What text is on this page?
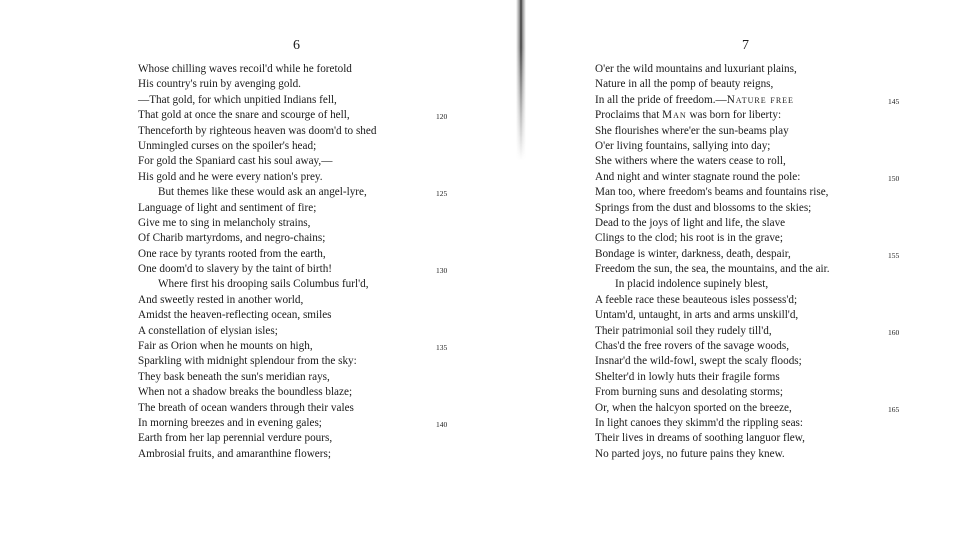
6	7
Whose chilling waves recoil'd while he foretold
His country's ruin by avenging gold.
—That gold, for which unpitied Indians fell,
That gold at once the snare and scourge of hell,	120
Thenceforth by righteous heaven was doom'd to shed
Unmingled curses on the spoiler's head;
For gold the Spaniard cast his soul away,—
His gold and he were every nation's prey.
But themes like these would ask an angel-lyre,	125
Language of light and sentiment of fire;
Give me to sing in melancholy strains,
Of Charib martyrdoms, and negro-chains;
One race by tyrants rooted from the earth,
One doom'd to slavery by the taint of birth!	130
Where first his drooping sails Columbus furl'd,
And sweetly rested in another world,
Amidst the heaven-reflecting ocean, smiles
A constellation of elysian isles;
Fair as Orion when he mounts on high,	135
Sparkling with midnight splendour from the sky:
They bask beneath the sun's meridian rays,
When not a shadow breaks the boundless blaze;
The breath of ocean wanders through their vales
In morning breezes and in evening gales;	140
Earth from her lap perennial verdure pours,
Ambrosial fruits, and amaranthine flowers;
O'er the wild mountains and luxuriant plains,
Nature in all the pomp of beauty reigns,
In all the pride of freedom.—Nature free	145
Proclaims that Man was born for liberty:
She flourishes where'er the sun-beams play
O'er living fountains, sallying into day;
She withers where the waters cease to roll,
And night and winter stagnate round the pole:	150
Man too, where freedom's beams and fountains rise,
Springs from the dust and blossoms to the skies;
Dead to the joys of light and life, the slave
Clings to the clod; his root is in the grave;
Bondage is winter, darkness, death, despair,	155
Freedom the sun, the sea, the mountains, and the air.
In placid indolence supinely blest,
A feeble race these beauteous isles possess'd;
Untam'd, untaught, in arts and arms unskill'd,
Their patrimonial soil they rudely till'd,	160
Chas'd the free rovers of the savage woods,
Insnar'd the wild-fowl, swept the scaly floods;
Shelter'd in lowly huts their fragile forms
From burning suns and desolating storms;
Or, when the halcyon sported on the breeze,	165
In light canoes they skimm'd the rippling seas:
Their lives in dreams of soothing languor flew,
No parted joys, no future pains they knew.
